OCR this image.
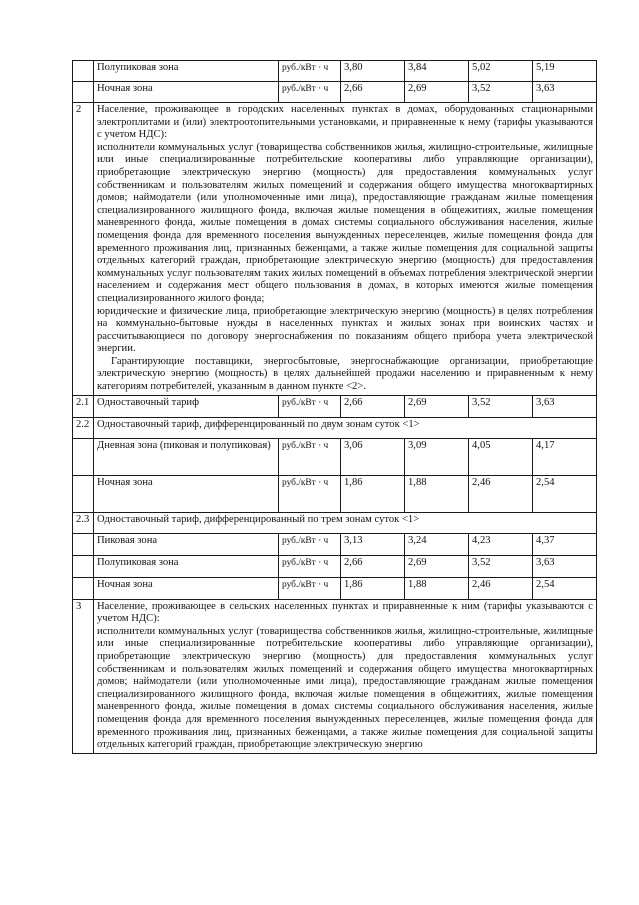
	Полупиковая зона	руб./кВт · ч	3,80	3,84	5,02	5,19
	Ночная зона	руб./кВт · ч	2,66	2,69	3,52	3,63
2	Население, проживающее в городских населенных пунктах в домах, оборудованных стационарными электроплитами и (или) электроотопительными установками, и приравненные к нему (тарифы указываются с учетом НДС):
исполнители коммунальных услуг (товарищества собственников жилья, жилищно-строительные, жилищные или иные специализированные потребительские кооперативы либо управляющие организации), приобретающие электрическую энергию (мощность) для предоставления коммунальных услуг собственникам и пользователям жилых помещений и содержания общего имущества многоквартирных домов; наймодатели (или уполномоченные ими лица), предоставляющие гражданам жилые помещения специализированного жилищного фонда, включая жилые помещения в общежитиях, жилые помещения маневренного фонда, жилые помещения в домах системы социального обслуживания населения, жилые помещения фонда для временного поселения вынужденных переселенцев, жилые помещения фонда для временного проживания лиц, признанных беженцами, а также жилые помещения для социальной защиты отдельных категорий граждан, приобретающие электрическую энергию (мощность) для предоставления коммунальных услуг пользователям таких жилых помещений в объемах потребления электрической энергии населением и содержания мест общего пользования в домах, в которых имеются жилые помещения специализированного жилого фонда;
юридические и физические лица, приобретающие электрическую энергию (мощность) в целях потребления на коммунально-бытовые нужды в населенных пунктах и жилых зонах при воинских частях и рассчитывающиеся по договору энергоснабжения по показаниям общего прибора учета электрической энергии.
Гарантирующие поставщики, энергосбытовые, энергоснабжающие организации, приобретающие электрическую энергию (мощность) в целях дальнейшей продажи населению и приравненным к нему категориям потребителей, указанным в данном пункте <2>.					

2.1	Одноставочный тариф	руб./кВт · ч	2,66	2,69	3,52	3,63
2.2	Одноставочный тариф, дифференцированный по двум зонам суток <1>					
	Дневная зона (пиковая и полупиковая)	руб./кВт · ч	3,06	3,09	4,05	4,17
	Ночная зона	руб./кВт · ч	1,86	1,88	2,46	2,54
2.3	Одноставочный тариф, дифференцированный по трем зонам суток <1>					
	Пиковая зона	руб./кВт · ч	3,13	3,24	4,23	4,37
	Полупиковая зона	руб./кВт · ч	2,66	2,69	3,52	3,63
	Ночная зона	руб./кВт · ч	1,86	1,88	2,46	2,54
3	Население, проживающее в сельских населенных пунктах и приравненные к ним (тарифы указываются с учетом НДС):
исполнители коммунальных услуг (товарищества собственников жилья, жилищно-строительные, жилищные или иные специализированные потребительские кооперативы либо управляющие организации), приобретающие электрическую энергию (мощность) для предоставления коммунальных услуг собственникам и пользователям жилых помещений и содержания общего имущества многоквартирных домов; наймодатели (или уполномоченные ими лица), предоставляющие гражданам жилые помещения специализированного жилищного фонда, включая жилые помещения в общежитиях, жилые помещения маневренного фонда, жилые помещения в домах системы социального обслуживания населения, жилые помещения фонда для временного поселения вынужденных переселенцев, жилые помещения фонда для временного проживания лиц, признанных беженцами, а также жилые помещения для социальной защиты отдельных категорий граждан, приобретающие электрическую энергию					
